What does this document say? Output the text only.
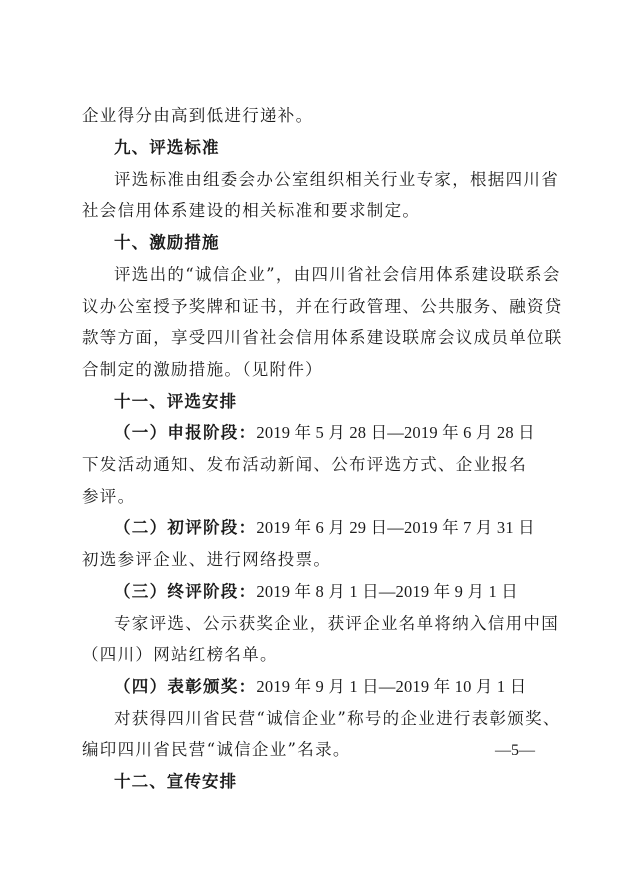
企业得分由高到低进行递补。
九、评选标准
评选标准由组委会办公室组织相关行业专家，根据四川省
社会信用体系建设的相关标准和要求制定。
十、激励措施
评选出的“诚信企业”，由四川省社会信用体系建设联系会
议办公室授予奖牌和证书，并在行政管理、公共服务、融资贷
款等方面，享受四川省社会信用体系建设联席会议成员单位联
合制定的激励措施。（见附件）
十一、评选安排
（一）申报阶段：2019 年 5 月 28 日—2019 年 6 月 28 日
下发活动通知、发布活动新闻、公布评选方式、企业报名
参评。
（二）初评阶段：2019 年 6 月 29 日—2019 年 7 月 31 日
初选参评企业、进行网络投票。
（三）终评阶段：2019 年 8 月 1 日—2019 年 9 月 1 日
专家评选、公示获奖企业，获评企业名单将纳入信用中国
（四川）网站红榜名单。
（四）表彰颁奖：2019 年 9 月 1 日—2019 年 10 月 1 日
对获得四川省民营“诚信企业”称号的企业进行表彰颁奖、
编印四川省民营“诚信企业”名录。
十二、宣传安排
—5—
